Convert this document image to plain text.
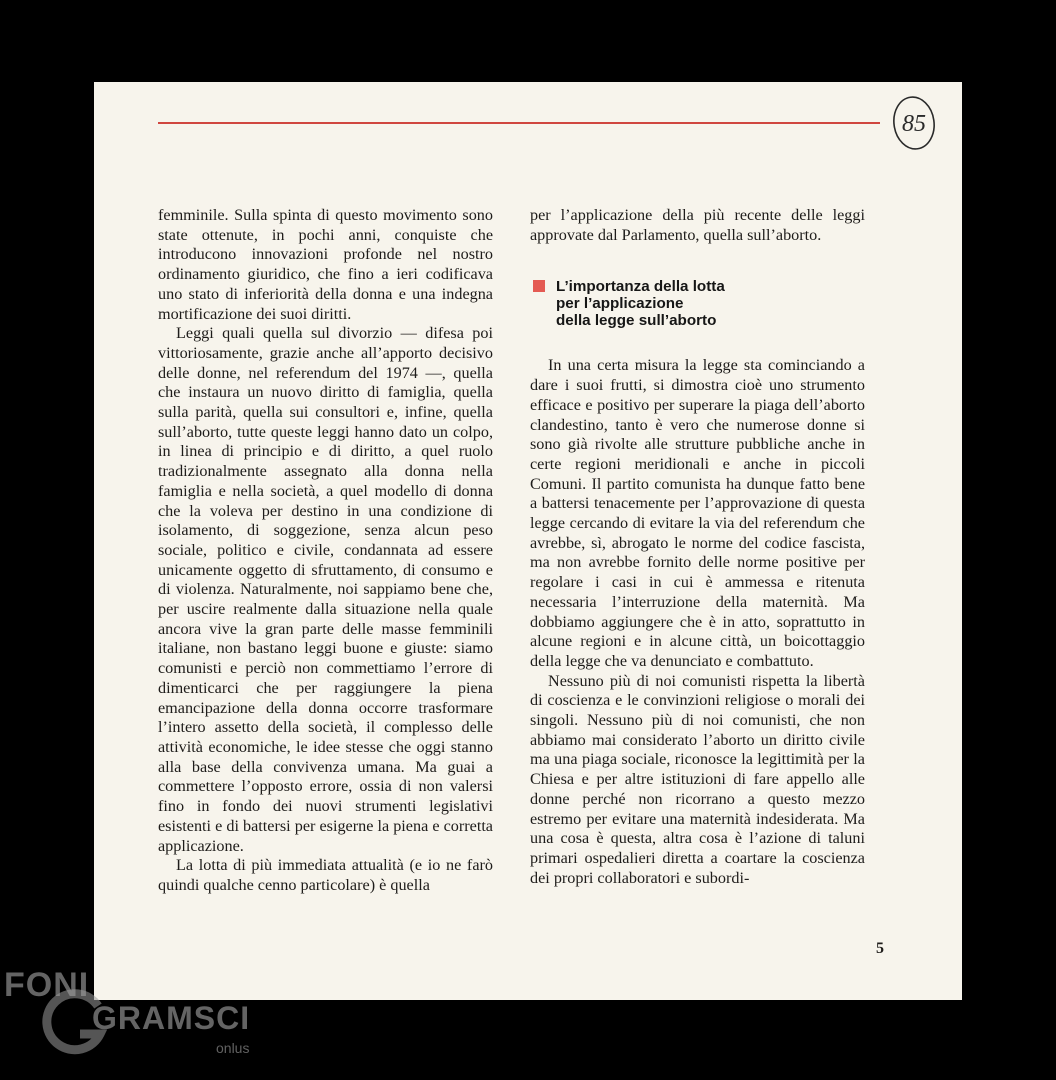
85

femminile. Sulla spinta di questo movimento sono state ottenute, in pochi anni, conquiste che introducono innovazioni profonde nel nostro ordinamento giuridico, che fino a ieri codificava uno stato di inferiorità della donna e una indegna mortificazione dei suoi diritti.

Leggi quali quella sul divorzio — difesa poi vittoriosamente, grazie anche all’apporto decisivo delle donne, nel referendum del 1974 —, quella che instaura un nuovo diritto di famiglia, quella sulla parità, quella sui consultori e, infine, quella sull’aborto, tutte queste leggi hanno dato un colpo, in linea di principio e di diritto, a quel ruolo tradizionalmente assegnato alla donna nella famiglia e nella società, a quel modello di donna che la voleva per destino in una condizione di isolamento, di soggezione, senza alcun peso sociale, politico e civile, condannata ad essere unicamente oggetto di sfruttamento, di consumo e di violenza. Naturalmente, noi sappiamo bene che, per uscire realmente dalla situazione nella quale ancora vive la gran parte delle masse femminili italiane, non bastano leggi buone e giuste: siamo comunisti e perciò non commettiamo l’errore di dimenticarci che per raggiungere la piena emancipazione della donna occorre trasformare l’intero assetto della società, il complesso delle attività economiche, le idee stesse che oggi stanno alla base della convivenza umana. Ma guai a commettere l’opposto errore, ossia di non valersi fino in fondo dei nuovi strumenti legislativi esistenti e di battersi per esigerne la piena e corretta applicazione.

La lotta di più immediata attualità (e io ne farò quindi qualche cenno particolare) è quella

per l’applicazione della più recente delle leggi approvate dal Parlamento, quella sull’aborto.

L’importanza della lotta
per l’applicazione
della legge sull’aborto

In una certa misura la legge sta cominciando a dare i suoi frutti, si dimostra cioè uno strumento efficace e positivo per superare la piaga dell’aborto clandestino, tanto è vero che numerose donne si sono già rivolte alle strutture pubbliche anche in certe regioni meridionali e anche in piccoli Comuni. Il partito comunista ha dunque fatto bene a battersi tenacemente per l’approvazione di questa legge cercando di evitare la via del referendum che avrebbe, sì, abrogato le norme del codice fascista, ma non avrebbe fornito delle norme positive per regolare i casi in cui è ammessa e ritenuta necessaria l’interruzione della maternità. Ma dobbiamo aggiungere che è in atto, soprattutto in alcune regioni e in alcune città, un boicottaggio della legge che va denunciato e combattuto.

Nessuno più di noi comunisti rispetta la libertà di coscienza e le convinzioni religiose o morali dei singoli. Nessuno più di noi comunisti, che non abbiamo mai considerato l’aborto un diritto civile ma una piaga sociale, riconosce la legittimità per la Chiesa e per altre istituzioni di fare appello alle donne perché non ricorrano a questo mezzo estremo per evitare una maternità indesiderata. Ma una cosa è questa, altra cosa è l’azione di taluni primari ospedalieri diretta a coartare la coscienza dei propri collaboratori e subordi-

5
FONI
GRAMSCI
onlus
